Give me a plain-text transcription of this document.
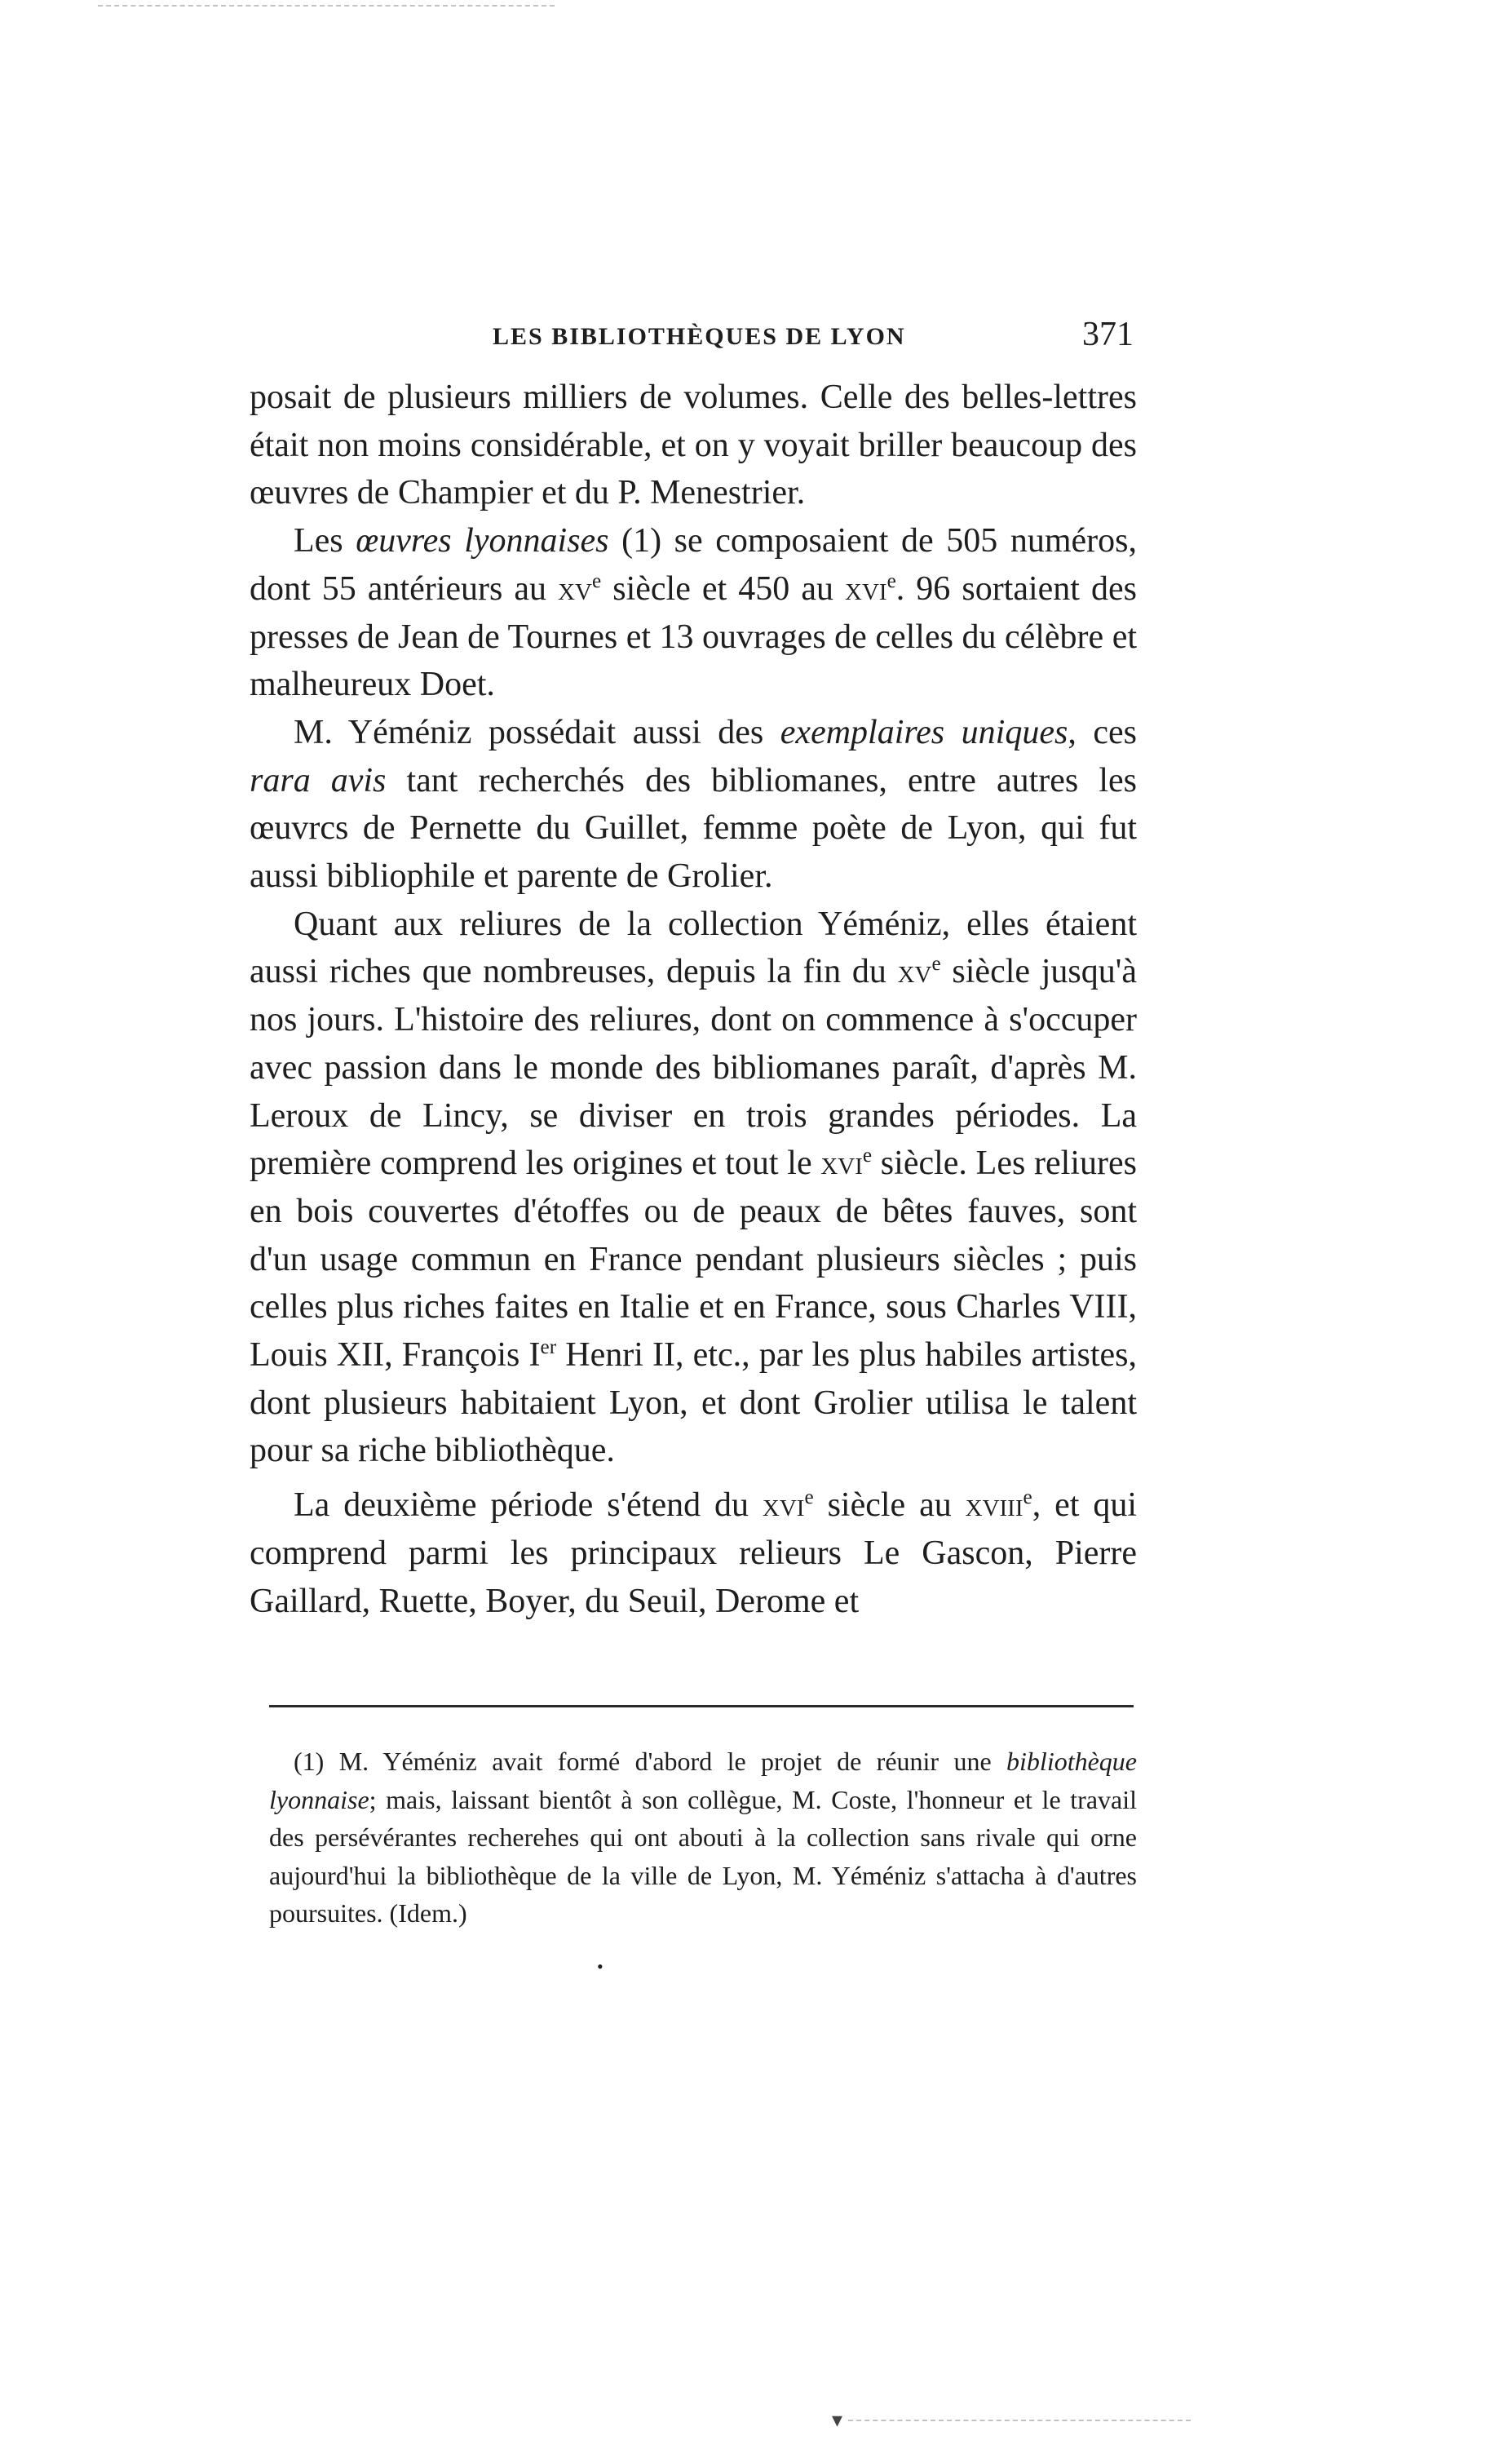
LES BIBLIOTHÈQUES DE LYON	371

posait de plusieurs milliers de volumes. Celle des belles-lettres était non moins considérable, et on y voyait briller beaucoup des œuvres de Champier et du P. Menestrier.

Les œuvres lyonnaises (1) se composaient de 505 numéros, dont 55 antérieurs au $xv^e$ siècle et 450 au xvi$^e$. 96 sortaient des presses de Jean de Tournes et 13 ouvrages de celles du célèbre et malheureux Doet.

M. Yéméniz possédait aussi des exemplaires uniques, ces rara avis tant recherchés des bibliomanes, entre autres les œuvrcs de Pernette du Guillet, femme poète de Lyon, qui fut aussi bibliophile et parente de Grolier.

Quant aux reliures de la collection Yéméniz, elles étaient aussi riches que nombreuses, depuis la fin du $xv^e$ siècle jusqu'à nos jours. L'histoire des reliures, dont on commence à s'occuper avec passion dans le monde des bibliomanes paraît, d'après M. Leroux de Lincy, se diviser en trois grandes périodes. La première comprend les origines et tout le xvi$^e$ siècle. Les reliures en bois couvertes d'étoffes ou de peaux de bêtes fauves, sont d'un usage commun en France pendant plusieurs siècles ; puis celles plus riches faites en Italie et en France, sous Charles VIII, Louis XII, François Ier Henri II, etc., par les plus habiles artistes, dont plusieurs habitaient Lyon, et dont Grolier utilisa le talent pour sa riche bibliothèque.

La deuxième période s'étend du xvi$^e$ siècle au xviii$^e$, et qui comprend parmi les principaux relieurs Le Gascon, Pierre Gaillard, Ruette, Boyer, du Seuil, Derome et

(1) M. Yéméniz avait formé d'abord le projet de réunir une bibliothèque lyonnaise; mais, laissant bientôt à son collègue, M. Coste, l'honneur et le travail des persévérantes recherehes qui ont abouti à la collection sans rivale qui orne aujourd'hui la bibliothèque de la ville de Lyon, M. Yéméniz s'attacha à d'autres poursuites. (Idem.)
•
▾
